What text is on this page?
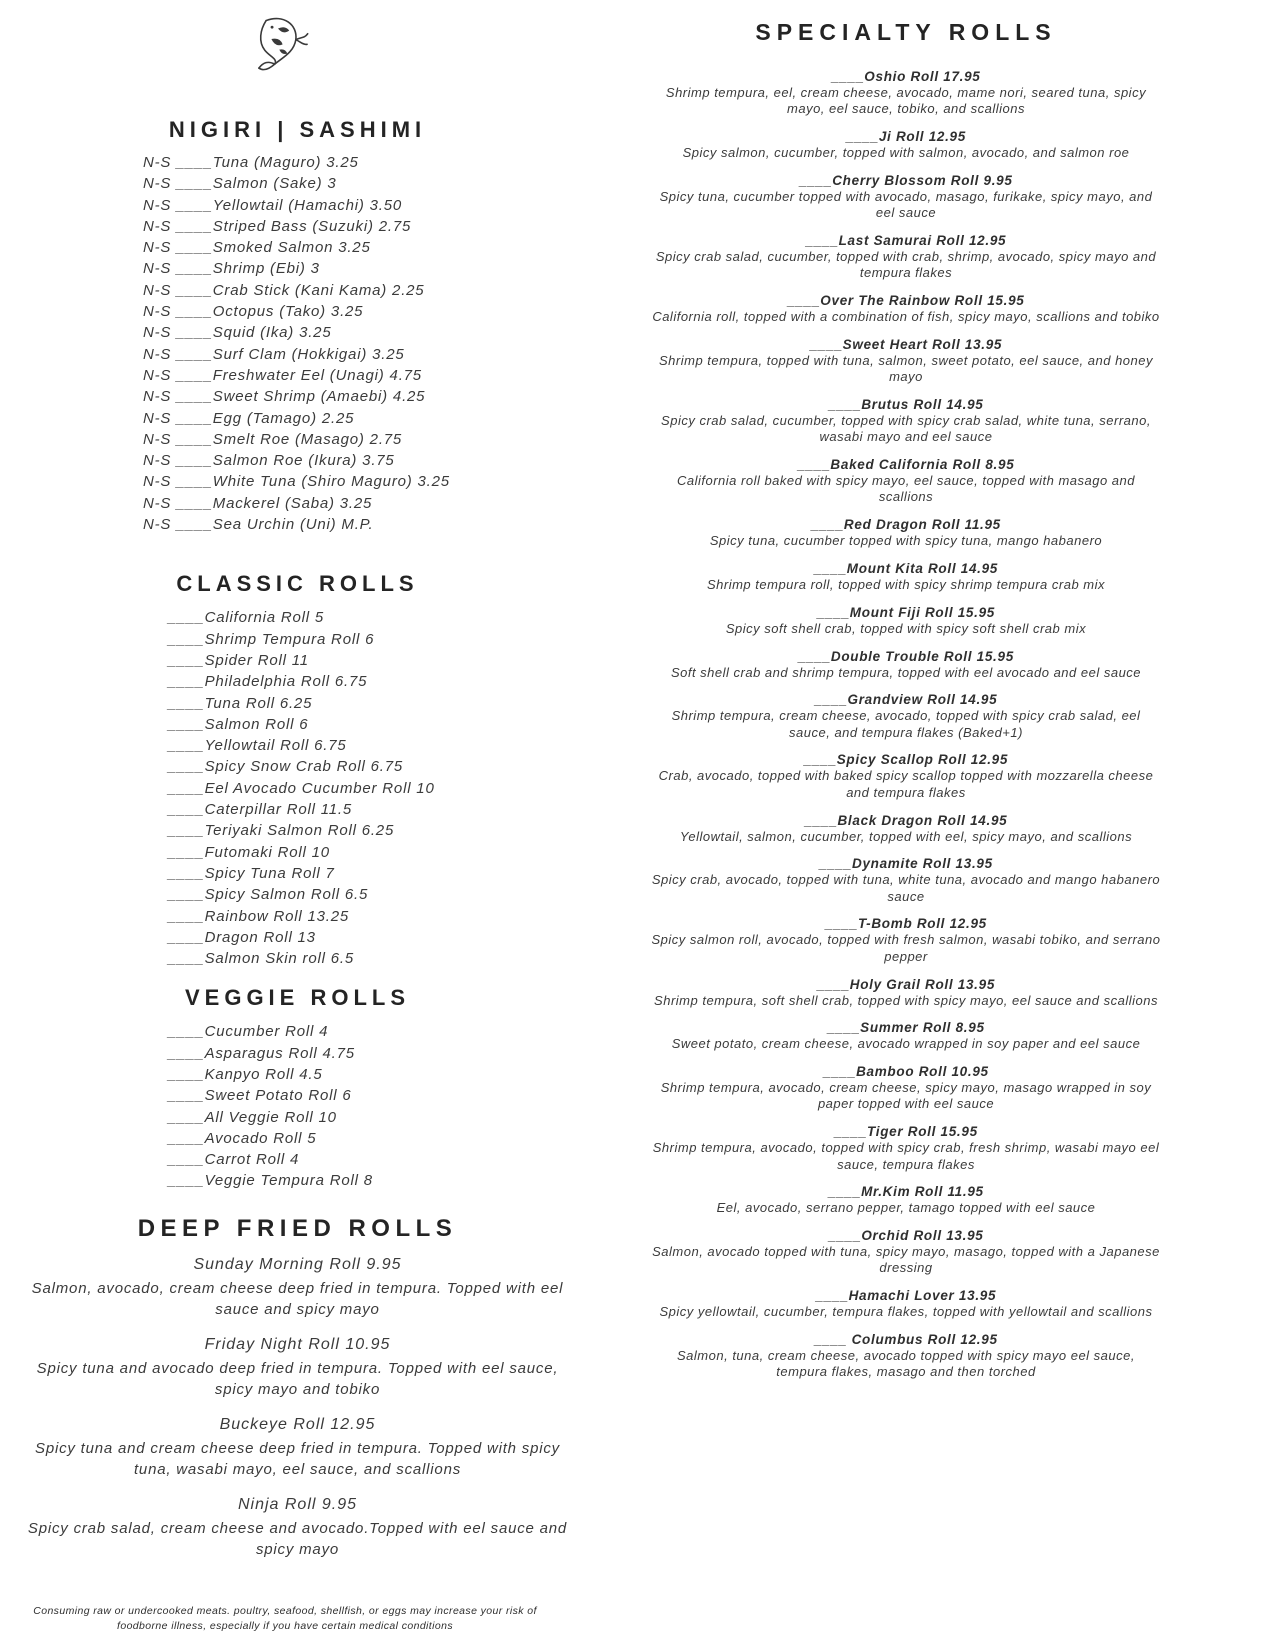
NIGIRI | SASHIMI
N-S ____Tuna (Maguro) 3.25
N-S ____Salmon (Sake) 3
N-S ____Yellowtail (Hamachi) 3.50
N-S ____Striped Bass (Suzuki) 2.75
N-S ____Smoked Salmon 3.25
N-S ____Shrimp (Ebi) 3
N-S ____Crab Stick (Kani Kama) 2.25
N-S ____Octopus (Tako) 3.25
N-S ____Squid (Ika) 3.25
N-S ____Surf Clam (Hokkigai) 3.25
N-S ____Freshwater Eel (Unagi) 4.75
N-S ____Sweet Shrimp (Amaebi) 4.25
N-S ____Egg (Tamago) 2.25
N-S ____Smelt Roe (Masago) 2.75
N-S ____Salmon Roe (Ikura) 3.75
N-S ____White Tuna (Shiro Maguro) 3.25
N-S ____Mackerel (Saba) 3.25
N-S ____Sea Urchin (Uni) M.P.
CLASSIC ROLLS
____California Roll 5
____Shrimp Tempura Roll 6
____Spider Roll 11
____Philadelphia Roll 6.75
____Tuna Roll 6.25
____Salmon Roll 6
____Yellowtail Roll 6.75
____Spicy Snow Crab Roll 6.75
____Eel Avocado Cucumber Roll 10
____Caterpillar Roll 11.5
____Teriyaki Salmon Roll 6.25
____Futomaki Roll 10
____Spicy Tuna Roll 7
____Spicy Salmon Roll 6.5
____Rainbow Roll 13.25
____Dragon Roll 13
____Salmon Skin roll 6.5
VEGGIE ROLLS
____Cucumber Roll 4
____Asparagus Roll 4.75
____Kanpyo Roll 4.5
____Sweet Potato Roll 6
____All Veggie Roll 10
____Avocado Roll 5
____Carrot Roll 4
____Veggie Tempura Roll 8
DEEP FRIED ROLLS
Sunday Morning Roll 9.95
Salmon, avocado, cream cheese deep fried in tempura. Topped with eel sauce and spicy mayo
Friday Night Roll 10.95
Spicy tuna and avocado deep fried in tempura. Topped with eel sauce, spicy mayo and tobiko
Buckeye Roll 12.95
Spicy tuna and cream cheese deep fried in tempura. Topped with spicy tuna, wasabi mayo, eel sauce, and scallions
Ninja Roll 9.95
Spicy crab salad, cream cheese and avocado.Topped with eel sauce and spicy mayo
Consuming raw or undercooked meats. poultry, seafood, shellfish, or eggs may increase your risk of foodborne illness, especially if you have certain medical conditions
SPECIALTY ROLLS
____Oshio Roll 17.95
Shrimp tempura, eel, cream cheese, avocado, mame nori, seared tuna, spicy mayo, eel sauce, tobiko, and scallions
____Ji Roll 12.95
Spicy salmon, cucumber, topped with salmon, avocado, and salmon roe
____Cherry Blossom Roll 9.95
Spicy tuna, cucumber topped with avocado, masago, furikake, spicy mayo, and eel sauce
____Last Samurai Roll 12.95
Spicy crab salad, cucumber, topped with crab, shrimp, avocado, spicy mayo and tempura flakes
____Over The Rainbow Roll 15.95
California roll, topped with a combination of fish, spicy mayo, scallions and tobiko
____Sweet Heart Roll 13.95
Shrimp tempura, topped with tuna, salmon, sweet potato, eel sauce, and honey mayo
____Brutus Roll 14.95
Spicy crab salad, cucumber, topped with spicy crab salad, white tuna, serrano, wasabi mayo and eel sauce
____Baked California Roll 8.95
California roll baked with spicy mayo, eel sauce, topped with masago and scallions
____Red Dragon Roll 11.95
Spicy tuna, cucumber topped with spicy tuna, mango habanero
____Mount Kita Roll 14.95
Shrimp tempura roll, topped with spicy shrimp tempura crab mix
____Mount Fiji Roll 15.95
Spicy soft shell crab, topped with spicy soft shell crab mix
____Double Trouble Roll 15.95
Soft shell crab and shrimp tempura, topped with eel avocado and eel sauce
____Grandview Roll 14.95
Shrimp tempura, cream cheese, avocado, topped with spicy crab salad, eel sauce, and tempura flakes (Baked+1)
____Spicy Scallop Roll 12.95
Crab, avocado, topped with baked spicy scallop topped with mozzarella cheese and tempura flakes
____Black Dragon Roll 14.95
Yellowtail, salmon, cucumber, topped with eel, spicy mayo, and scallions
____Dynamite Roll 13.95
Spicy crab, avocado, topped with tuna, white tuna, avocado and mango habanero sauce
____T-Bomb Roll 12.95
Spicy salmon roll, avocado, topped with fresh salmon, wasabi tobiko, and serrano pepper
____Holy Grail Roll 13.95
Shrimp tempura, soft shell crab, topped with spicy mayo, eel sauce and scallions
____Summer Roll 8.95
Sweet potato, cream cheese, avocado wrapped in soy paper and eel sauce
____Bamboo Roll 10.95
Shrimp tempura, avocado, cream cheese, spicy mayo, masago wrapped in soy paper topped with eel sauce
____Tiger Roll 15.95
Shrimp tempura, avocado, topped with spicy crab, fresh shrimp, wasabi mayo eel sauce, tempura flakes
____Mr.Kim Roll 11.95
Eel, avocado, serrano pepper, tamago topped with eel sauce
____Orchid Roll 13.95
Salmon, avocado topped with tuna, spicy mayo, masago, topped with a Japanese dressing
____Hamachi Lover 13.95
Spicy yellowtail, cucumber, tempura flakes, topped with yellowtail and scallions
____ Columbus Roll 12.95
Salmon, tuna, cream cheese, avocado topped with spicy mayo eel sauce, tempura flakes, masago and then torched
